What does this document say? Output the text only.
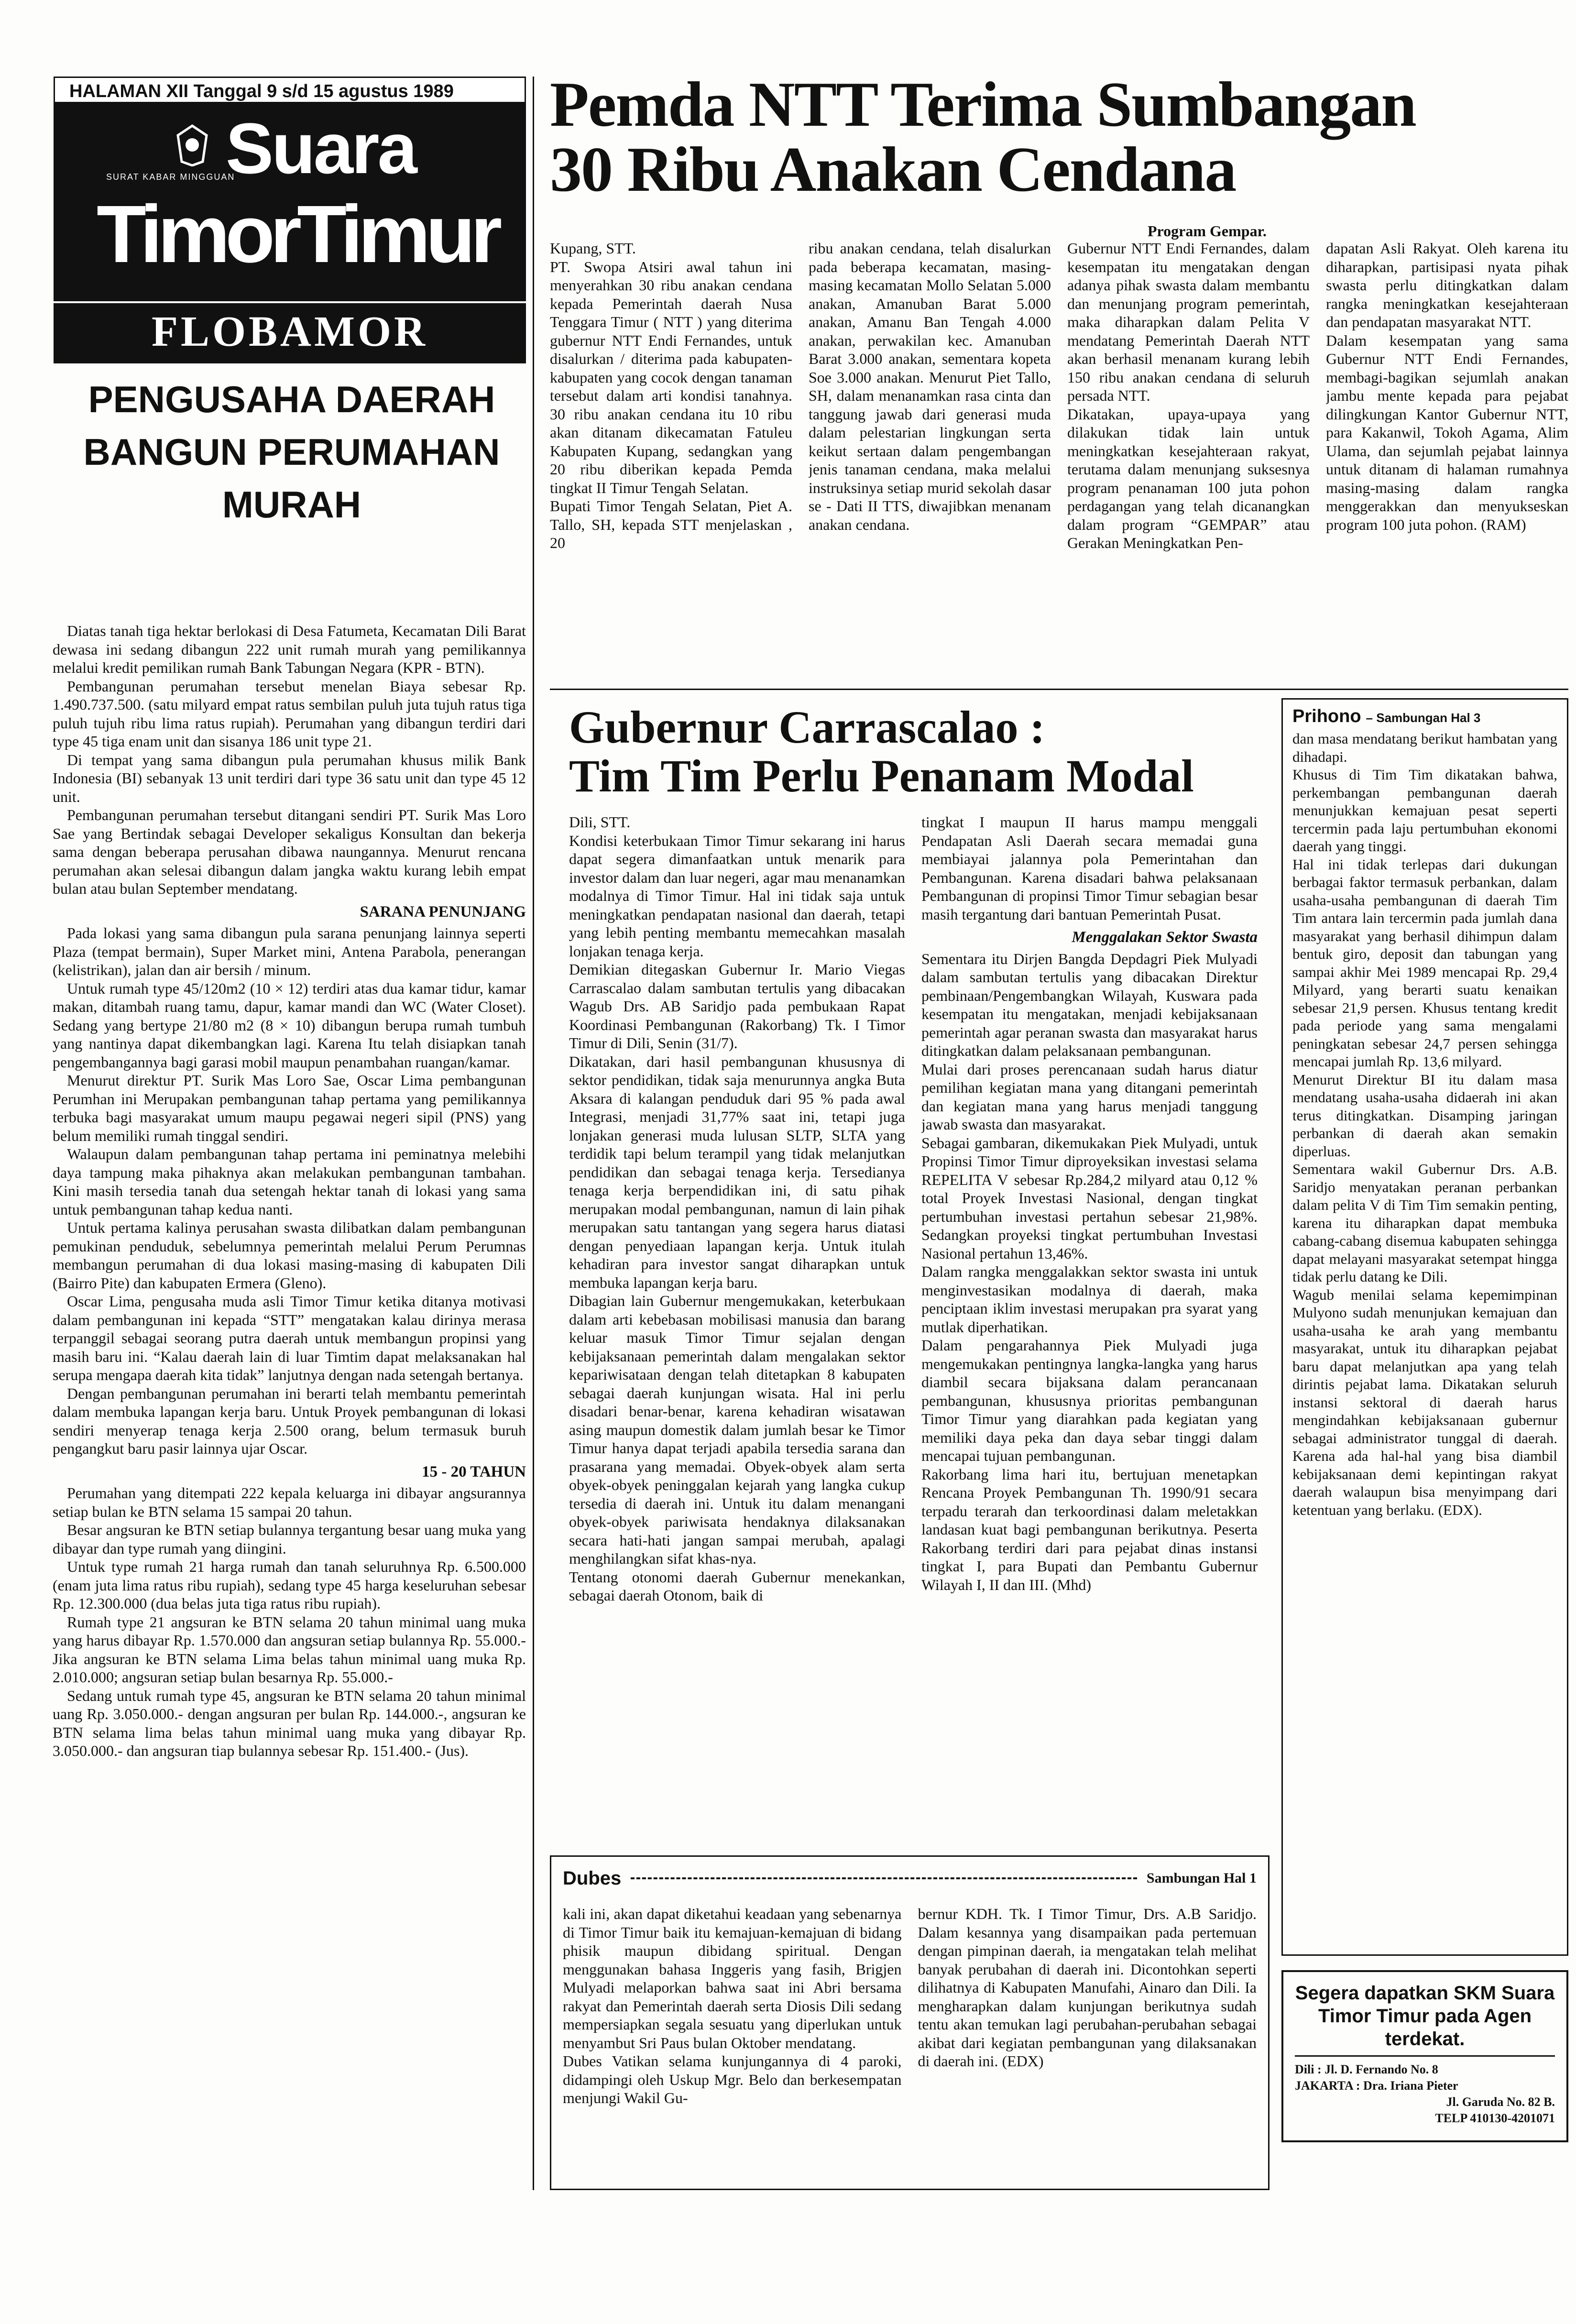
HALAMAN XII Tanggal 9 s/d 15 agustus 1989
Suara
SURAT KABAR MINGGUAN
TimorTimur
FLOBAMOR
PENGUSAHA DAERAH BANGUN PERUMAHAN MURAH

Diatas tanah tiga hektar berlokasi di Desa Fatumeta, Kecamatan Dili Barat dewasa ini sedang dibangun 222 unit rumah murah yang pemilikannya melalui kredit pemilikan rumah Bank Tabungan Negara (KPR - BTN).

Pembangunan perumahan tersebut menelan Biaya sebesar Rp. 1.490.737.500. (satu milyard empat ratus sembilan puluh juta tujuh ratus tiga puluh tujuh ribu lima ratus rupiah). Perumahan yang dibangun terdiri dari type 45 tiga enam unit dan sisanya 186 unit type 21.

Di tempat yang sama dibangun pula perumahan khusus milik Bank Indonesia (BI) sebanyak 13 unit terdiri dari type 36 satu unit dan type 45 12 unit.

Pembangunan perumahan tersebut ditangani sendiri PT. Surik Mas Loro Sae yang Bertindak sebagai Developer sekaligus Konsultan dan bekerja sama dengan beberapa perusahan dibawa naungannya. Menurut rencana perumahan akan selesai dibangun dalam jangka waktu kurang lebih empat bulan atau bulan September mendatang.

SARANA PENUNJANG

Pada lokasi yang sama dibangun pula sarana penunjang lainnya seperti Plaza (tempat bermain), Super Market mini, Antena Parabola, penerangan (kelistrikan), jalan dan air bersih / minum.

Untuk rumah type 45/120m2 (10 × 12) terdiri atas dua kamar tidur, kamar makan, ditambah ruang tamu, dapur, kamar mandi dan WC (Water Closet). Sedang yang bertype 21/80 m2 (8 × 10) dibangun berupa rumah tumbuh yang nantinya dapat dikembangkan lagi. Karena Itu telah disiapkan tanah pengembangannya bagi garasi mobil maupun penambahan ruangan/kamar.

Menurut direktur PT. Surik Mas Loro Sae, Oscar Lima pembangunan Perumhan ini Merupakan pembangunan tahap pertama yang pemilikannya terbuka bagi masyarakat umum maupu pegawai negeri sipil (PNS) yang belum memiliki rumah tinggal sendiri.

Walaupun dalam pembangunan tahap pertama ini peminatnya melebihi daya tampung maka pihaknya akan melakukan pembangunan tambahan. Kini masih tersedia tanah dua setengah hektar tanah di lokasi yang sama untuk pembangunan tahap kedua nanti.

Untuk pertama kalinya perusahan swasta dilibatkan dalam pembangunan pemukinan penduduk, sebelumnya pemerintah melalui Perum Perumnas membangun perumahan di dua lokasi masing-masing di kabupaten Dili (Bairro Pite) dan kabupaten Ermera (Gleno).

Oscar Lima, pengusaha muda asli Timor Timur ketika ditanya motivasi dalam pembangunan ini kepada “STT” mengatakan kalau dirinya merasa terpanggil sebagai seorang putra daerah untuk membangun propinsi yang masih baru ini. “Kalau daerah lain di luar Timtim dapat melaksanakan hal serupa mengapa daerah kita tidak” lanjutnya dengan nada setengah bertanya.

Dengan pembangunan perumahan ini berarti telah membantu pemerintah dalam membuka lapangan kerja baru. Untuk Proyek pembangunan di lokasi sendiri menyerap tenaga kerja 2.500 orang, belum termasuk buruh pengangkut baru pasir lainnya ujar Oscar.

15 - 20 TAHUN

Perumahan yang ditempati 222 kepala keluarga ini dibayar angsurannya setiap bulan ke BTN selama 15 sampai 20 tahun.

Besar angsuran ke BTN setiap bulannya tergantung besar uang muka yang dibayar dan type rumah yang diingini.

Untuk type rumah 21 harga rumah dan tanah seluruhnya Rp. 6.500.000 (enam juta lima ratus ribu rupiah), sedang type 45 harga keseluruhan sebesar Rp. 12.300.000 (dua belas juta tiga ratus ribu rupiah).

Rumah type 21 angsuran ke BTN selama 20 tahun minimal uang muka yang harus dibayar Rp. 1.570.000 dan angsuran setiap bulannya Rp. 55.000.- Jika angsuran ke BTN selama Lima belas tahun minimal uang muka Rp. 2.010.000; angsuran setiap bulan besarnya Rp. 55.000.-

Sedang untuk rumah type 45, angsuran ke BTN selama 20 tahun minimal uang Rp. 3.050.000.- dengan angsuran per bulan Rp. 144.000.-, angsuran ke BTN selama lima belas tahun minimal uang muka yang dibayar Rp. 3.050.000.- dan angsuran tiap bulannya sebesar Rp. 151.400.- (Jus).

Pemda NTT Terima Sumbangan
30 Ribu Anakan Cendana
Program Gempar.
Kupang, STT.
PT. Swopa Atsiri awal tahun ini menyerahkan 30 ribu anakan cendana kepada Pemerintah daerah Nusa Tenggara Timur ( NTT ) yang diterima gubernur NTT Endi Fernandes, untuk disalurkan / diterima pada kabupaten-kabupaten yang cocok dengan tanaman tersebut dalam arti kondisi tanahnya. 30 ribu anakan cendana itu 10 ribu akan ditanam dikecamatan Fatuleu Kabupaten Kupang, sedangkan yang 20 ribu diberikan kepada Pemda tingkat II Timur Tengah Selatan.
Bupati Timor Tengah Selatan, Piet A. Tallo, SH, kepada STT menjelaskan , 20
ribu anakan cendana, telah disalurkan pada beberapa kecamatan, masing-masing kecamatan Mollo Selatan 5.000 anakan, Amanuban Barat 5.000 anakan, Amanu Ban Tengah 4.000 anakan, perwakilan kec. Amanuban Barat 3.000 anakan, sementara kopeta Soe 3.000 anakan. Menurut Piet Tallo, SH, dalam menanamkan rasa cinta dan tanggung jawab dari generasi muda dalam pelestarian lingkungan serta keikut sertaan dalam pengembangan jenis tanaman cendana, maka melalui instruksinya setiap murid sekolah dasar se - Dati II TTS, diwajibkan menanam anakan cendana.
Gubernur NTT Endi Fernandes, dalam kesempatan itu mengatakan dengan adanya pihak swasta dalam membantu dan menunjang program pemerintah, maka diharapkan dalam Pelita V mendatang Pemerintah Daerah NTT akan berhasil menanam kurang lebih 150 ribu anakan cendana di seluruh persada NTT.
Dikatakan, upaya-upaya yang dilakukan tidak lain untuk meningkatkan kesejahteraan rakyat, terutama dalam menunjang suksesnya program penanaman 100 juta pohon perdagangan yang telah dicanangkan dalam program “GEMPAR” atau Gerakan Meningkatkan Pen-
dapatan Asli Rakyat. Oleh karena itu diharapkan, partisipasi nyata pihak swasta perlu ditingkatkan dalam rangka meningkatkan kesejahteraan dan pendapatan masyarakat NTT.
Dalam kesempatan yang sama Gubernur NTT Endi Fernandes, membagi-bagikan sejumlah anakan jambu mente kepada para pejabat dilingkungan Kantor Gubernur NTT, para Kakanwil, Tokoh Agama, Alim Ulama, dan sejumlah pejabat lainnya untuk ditanam di halaman rumahnya masing-masing dalam rangka menggerakkan dan menyukseskan program 100 juta pohon. (RAM)
Gubernur Carrascalao :
Tim Tim Perlu Penanam Modal
Dili, STT.
Kondisi keterbukaan Timor Timur sekarang ini harus dapat segera dimanfaatkan untuk menarik para investor dalam dan luar negeri, agar mau menanamkan modalnya di Timor Timur. Hal ini tidak saja untuk meningkatkan pendapatan nasional dan daerah, tetapi yang lebih penting membantu memecahkan masalah lonjakan tenaga kerja.
Demikian ditegaskan Gubernur Ir. Mario Viegas Carrascalao dalam sambutan tertulis yang dibacakan Wagub Drs. AB Saridjo pada pembukaan Rapat Koordinasi Pembangunan (Rakorbang) Tk. I Timor Timur di Dili, Senin (31/7).
Dikatakan, dari hasil pembangunan khususnya di sektor pendidikan, tidak saja menurunnya angka Buta Aksara di kalangan penduduk dari 95 % pada awal Integrasi, menjadi 31,77% saat ini, tetapi juga lonjakan generasi muda lulusan SLTP, SLTA yang terdidik tapi belum terampil yang tidak melanjutkan pendidikan dan sebagai tenaga kerja. Tersedianya tenaga kerja berpendidikan ini, di satu pihak merupakan modal pembangunan, namun di lain pihak merupakan satu tantangan yang segera harus diatasi dengan penyediaan lapangan kerja. Untuk itulah kehadiran para investor sangat diharapkan untuk membuka lapangan kerja baru.
Dibagian lain Gubernur mengemukakan, keterbukaan dalam arti kebebasan mobilisasi manusia dan barang keluar masuk Timor Timur sejalan dengan kebijaksanaan pemerintah dalam mengalakan sektor kepariwisataan dengan telah ditetapkan 8 kabupaten sebagai daerah kunjungan wisata. Hal ini perlu disadari benar-benar, karena kehadiran wisatawan asing maupun domestik dalam jumlah besar ke Timor Timur hanya dapat terjadi apabila tersedia sarana dan prasarana yang memadai. Obyek-obyek alam serta obyek-obyek peninggalan kejarah yang langka cukup tersedia di daerah ini. Untuk itu dalam menangani obyek-obyek pariwisata hendaknya dilaksanakan secara hati-hati jangan sampai merubah, apalagi menghilangkan sifat khas-nya.
Tentang otonomi daerah Gubernur menekankan, sebagai daerah Otonom, baik di
tingkat I maupun II harus mampu menggali Pendapatan Asli Daerah secara memadai guna membiayai jalannya pola Pemerintahan dan Pembangunan. Karena disadari bahwa pelaksanaan Pembangunan di propinsi Timor Timur sebagian besar masih tergantung dari bantuan Pemerintah Pusat.
Menggalakan Sektor Swasta
Sementara itu Dirjen Bangda Depdagri Piek Mulyadi dalam sambutan tertulis yang dibacakan Direktur pembinaan/Pengembangkan Wilayah, Kuswara pada kesempatan itu mengatakan, menjadi kebijaksanaan pemerintah agar peranan swasta dan masyarakat harus ditingkatkan dalam pelaksanaan pembangunan.
Mulai dari proses perencanaan sudah harus diatur pemilihan kegiatan mana yang ditangani pemerintah dan kegiatan mana yang harus menjadi tanggung jawab swasta dan masyarakat.
Sebagai gambaran, dikemukakan Piek Mulyadi, untuk Propinsi Timor Timur diproyeksikan investasi selama REPELITA V sebesar Rp.284,2 milyard atau 0,12 % total Proyek Investasi Nasional, dengan tingkat pertumbuhan investasi pertahun sebesar 21,98%. Sedangkan proyeksi tingkat pertumbuhan Investasi Nasional pertahun 13,46%.
Dalam rangka menggalakkan sektor swasta ini untuk menginvestasikan modalnya di daerah, maka penciptaan iklim investasi merupakan pra syarat yang mutlak diperhatikan.
Dalam pengarahannya Piek Mulyadi juga mengemukakan pentingnya langka-langka yang harus diambil secara bijaksana dalam perancanaan pembangunan, khususnya prioritas pembangunan Timor Timur yang diarahkan pada kegiatan yang memiliki daya peka dan daya sebar tinggi dalam mencapai tujuan pembangunan.
Rakorbang lima hari itu, bertujuan menetapkan Rencana Proyek Pembangunan Th. 1990/91 secara terpadu terarah dan terkoordinasi dalam meletakkan landasan kuat bagi pembangunan berikutnya. Peserta Rakorbang terdiri dari para pejabat dinas instansi tingkat I, para Bupati dan Pembantu Gubernur Wilayah I, II dan III. (Mhd)
Prihono – Sambungan Hal 3
dan masa mendatang berikut hambatan yang dihadapi.
Khusus di Tim Tim dikatakan bahwa, perkembangan pembangunan daerah menunjukkan kemajuan pesat seperti tercermin pada laju pertumbuhan ekonomi daerah yang tinggi.
Hal ini tidak terlepas dari dukungan berbagai faktor termasuk perbankan, dalam usaha-usaha pembangunan di daerah Tim Tim antara lain tercermin pada jumlah dana masyarakat yang berhasil dihimpun dalam bentuk giro, deposit dan tabungan yang sampai akhir Mei 1989 mencapai Rp. 29,4 Milyard, yang berarti suatu kenaikan sebesar 21,9 persen. Khusus tentang kredit pada periode yang sama mengalami peningkatan sebesar 24,7 persen sehingga mencapai jumlah Rp. 13,6 milyard.
Menurut Direktur BI itu dalam masa mendatang usaha-usaha didaerah ini akan terus ditingkatkan. Disamping jaringan perbankan di daerah akan semakin diperluas.
Sementara wakil Gubernur Drs. A.B. Saridjo menyatakan peranan perbankan dalam pelita V di Tim Tim semakin penting, karena itu diharapkan dapat membuka cabang-cabang disemua kabupaten sehingga dapat melayani masyarakat setempat hingga tidak perlu datang ke Dili.
Wagub menilai selama kepemimpinan Mulyono sudah menunjukan kemajuan dan usaha-usaha ke arah yang membantu masyarakat, untuk itu diharapkan pejabat baru dapat melanjutkan apa yang telah dirintis pejabat lama. Dikatakan seluruh instansi sektoral di daerah harus mengindahkan kebijaksanaan gubernur sebagai administrator tunggal di daerah. Karena ada hal-hal yang bisa diambil kebijaksanaan demi kepintingan rakyat daerah walaupun bisa menyimpang dari ketentuan yang berlaku. (EDX).
Dubes	Sambungan Hal 1
kali ini, akan dapat diketahui keadaan yang sebenarnya di Timor Timur baik itu kemajuan-kemajuan di bidang phisik maupun dibidang spiritual. Dengan menggunakan bahasa Inggeris yang fasih, Brigjen Mulyadi melaporkan bahwa saat ini Abri bersama rakyat dan Pemerintah daerah serta Diosis Dili sedang mempersiapkan segala sesuatu yang diperlukan untuk menyambut Sri Paus bulan Oktober mendatang.
Dubes Vatikan selama kunjungannya di 4 paroki, didampingi oleh Uskup Mgr. Belo dan berkesempatan menjungi Wakil Gu-
bernur KDH. Tk. I Timor Timur, Drs. A.B Saridjo. Dalam kesannya yang disampaikan pada pertemuan dengan pimpinan daerah, ia mengatakan telah melihat banyak perubahan di daerah ini. Dicontohkan seperti dilihatnya di Kabupaten Manufahi, Ainaro dan Dili. Ia mengharapkan dalam kunjungan berikutnya sudah tentu akan temukan lagi perubahan-perubahan sebagai akibat dari kegiatan pembangunan yang dilaksanakan di daerah ini. (EDX)
Segera dapatkan SKM Suara Timor Timur pada Agen terdekat.
Dili : Jl. D. Fernando No. 8
JAKARTA : Dra. Iriana Pieter
Jl. Garuda No. 82 B.
TELP 410130-4201071
